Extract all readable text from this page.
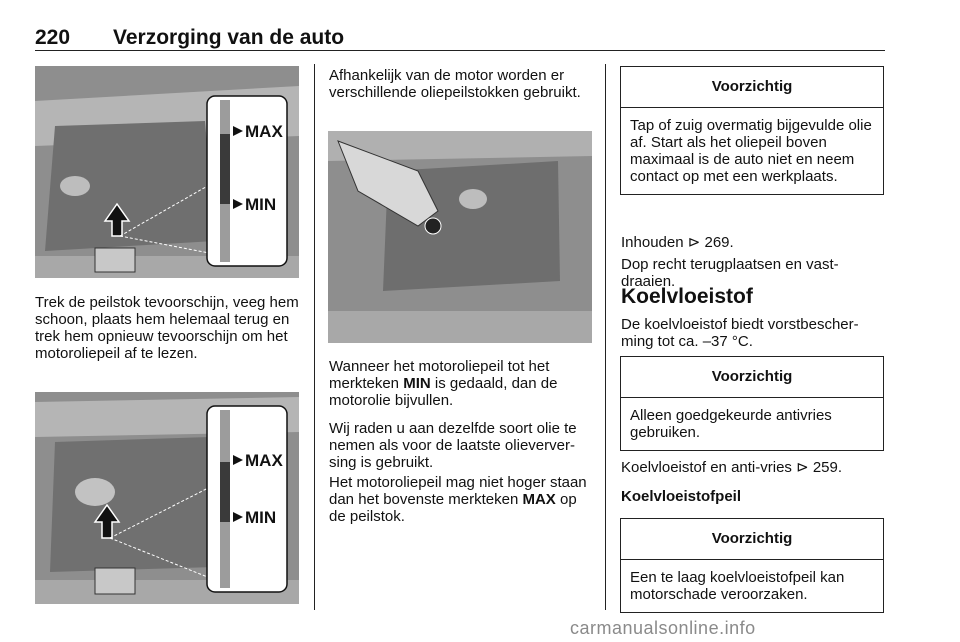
220 Verzorging van de auto
MAX
MIN

Trek de peilstok tevoorschijn, veeg hem schoon, plaats hem helemaal terug en trek hem opnieuw tevoorschijn om het motoroliepeil af te lezen.

MAX
MIN

Afhankelijk van de motor worden er verschillende oliepeilstokken gebruikt.

Wanneer het motoroliepeil tot het merkteken MIN is gedaald, dan de motorolie bijvullen.

Wij raden u aan dezelfde soort olie te nemen als voor de laatste olieverversing is gebruikt.

Het motoroliepeil mag niet hoger staan dan het bovenste merkteken MAX op de peilstok.

Voorzichtig
Tap of zuig overmatig bijgevulde olie af. Start als het oliepeil boven maximaal is de auto niet en neem contact op met een werkplaats.

Inhouden ⊳ 269.

Dop recht terugplaatsen en vastdraaien.

Koelvloeistof

De koelvloeistof biedt vorstbescherming tot ca. –37 °C.

Voorzichtig
Alleen goedgekeurde antivries gebruiken.

Koelvloeistof en anti-vries ⊳ 259.

Koelvloeistofpeil
Voorzichtig
Een te laag koelvloeistofpeil kan motorschade veroorzaken.
carmanualsonline.info
